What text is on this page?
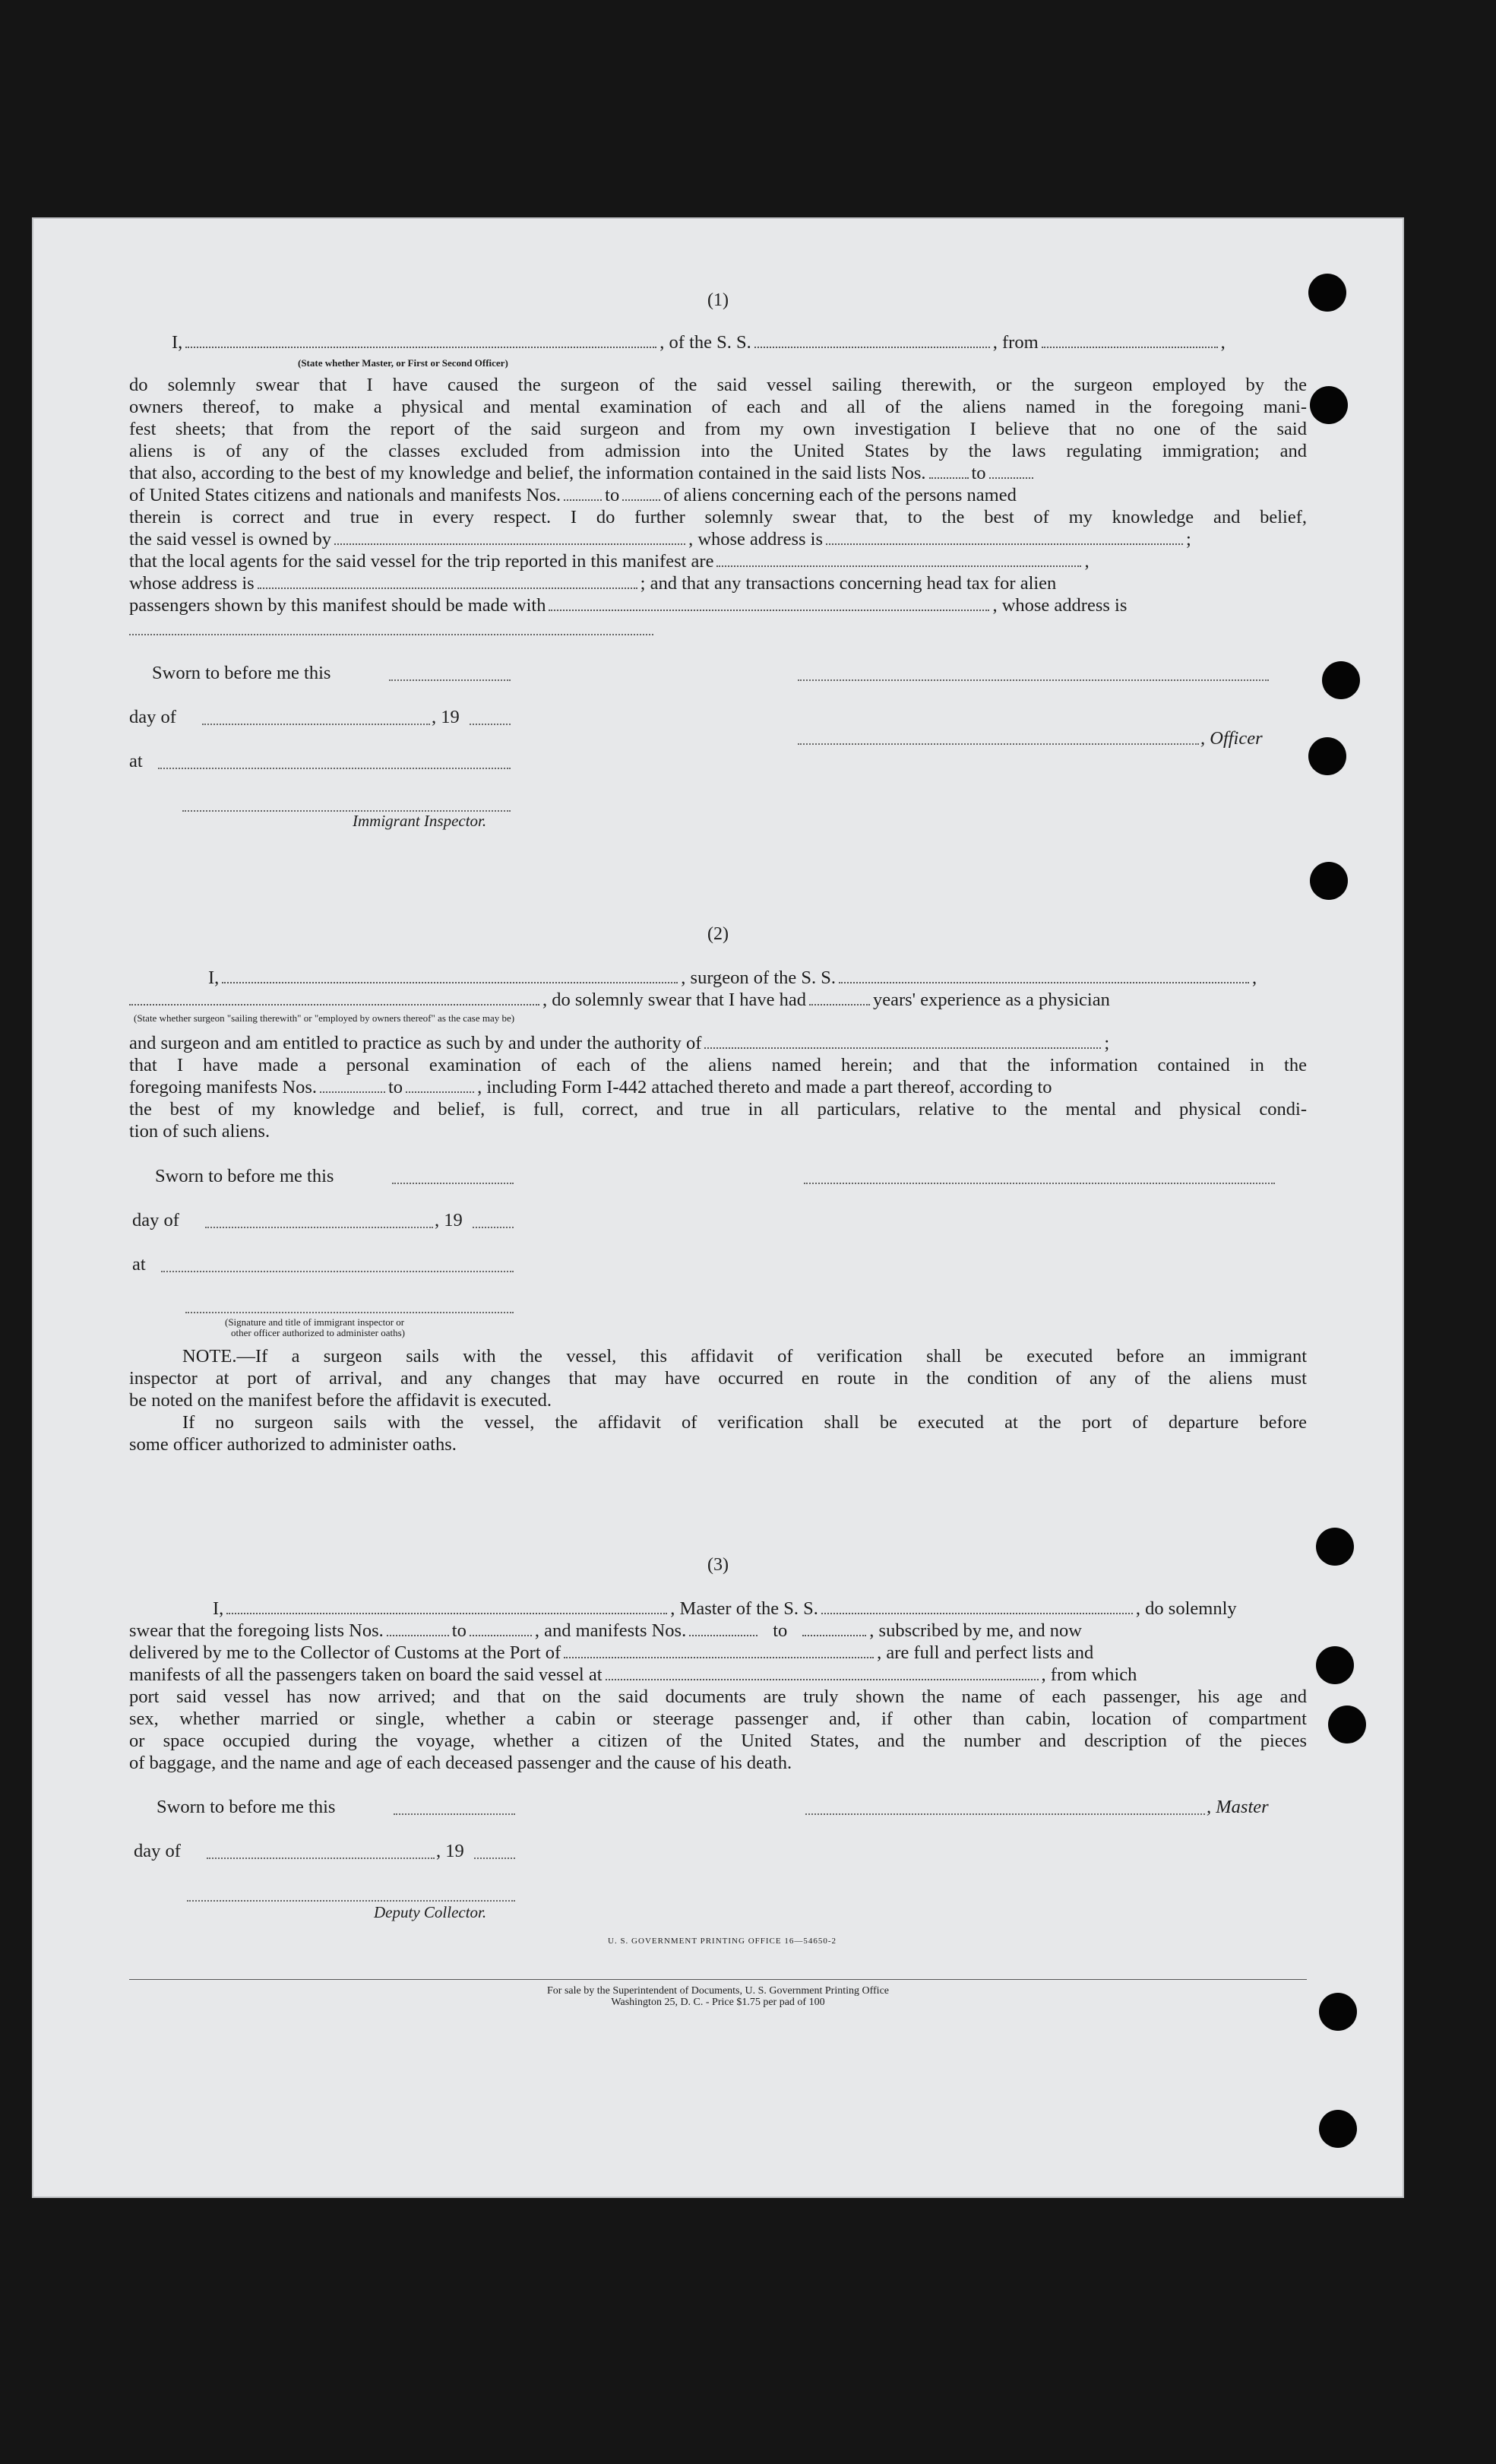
(1)
I,	, of the S. S.	, from	,
(State whether Master, or First or Second Officer)
do solemnly swear that I have caused the surgeon of the said vessel sailing therewith, or the surgeon employed by the
owners thereof, to make a physical and mental examination of each and all of the aliens named in the foregoing mani-
fest sheets; that from the report of the said surgeon and from my own investigation I believe that no one of the said
aliens is of any of the classes excluded from admission into the United States by the laws regulating immigration; and
that also, according to the best of my knowledge and belief, the information contained in the said lists Nos. to
of United States citizens and nationals and manifests Nos. to of aliens concerning each of the persons named
therein is correct and true in every respect. I do further solemnly swear that, to the best of my knowledge and belief,
the said vessel is owned by	, whose address is	;
that the local agents for the said vessel for the trip reported in this manifest are	,
whose address is	; and that any transactions concerning head tax for alien
passengers shown by this manifest should be made with	, whose address is
Sworn to before me this
day of	, 19
, Officer
at
Immigrant Inspector.
(2)
I,	, surgeon of the S. S.	,
, do solemnly swear that I have had	years' experience as a physician
(State whether surgeon "sailing therewith" or "employed by owners thereof" as the case may be)
and surgeon and am entitled to practice as such by and under the authority of	;
that I have made a personal examination of each of the aliens named herein; and that the information contained in the
foregoing manifests Nos.	to	, including Form I-442 attached thereto and made a part thereof, according to
the best of my knowledge and belief, is full, correct, and true in all particulars, relative to the mental and physical condi-
tion of such aliens.
Sworn to before me this
day of	, 19
at
(Signature and title of immigrant inspector or
other officer authorized to administer oaths)
NOTE.—If a surgeon sails with the vessel, this affidavit of verification shall be executed before an immigrant
inspector at port of arrival, and any changes that may have occurred en route in the condition of any of the aliens must
be noted on the manifest before the affidavit is executed.
If no surgeon sails with the vessel, the affidavit of verification shall be executed at the port of departure before
some officer authorized to administer oaths.
(3)
I,	, Master of the S. S.	, do solemnly
swear that the foregoing lists Nos.	to	, and manifests Nos.	to	, subscribed by me, and now
delivered by me to the Collector of Customs at the Port of	, are full and perfect lists and
manifests of all the passengers taken on board the said vessel at	, from which
port said vessel has now arrived; and that on the said documents are truly shown the name of each passenger, his age and
sex, whether married or single, whether a cabin or steerage passenger and, if other than cabin, location of compartment
or space occupied during the voyage, whether a citizen of the United States, and the number and description of the pieces
of baggage, and the name and age of each deceased passenger and the cause of his death.
Sworn to before me this	, Master
day of	, 19
Deputy Collector.
U. S. GOVERNMENT PRINTING OFFICE 16—54650-2
For sale by the Superintendent of Documents, U. S. Government Printing Office
Washington 25, D. C. - Price $1.75 per pad of 100
